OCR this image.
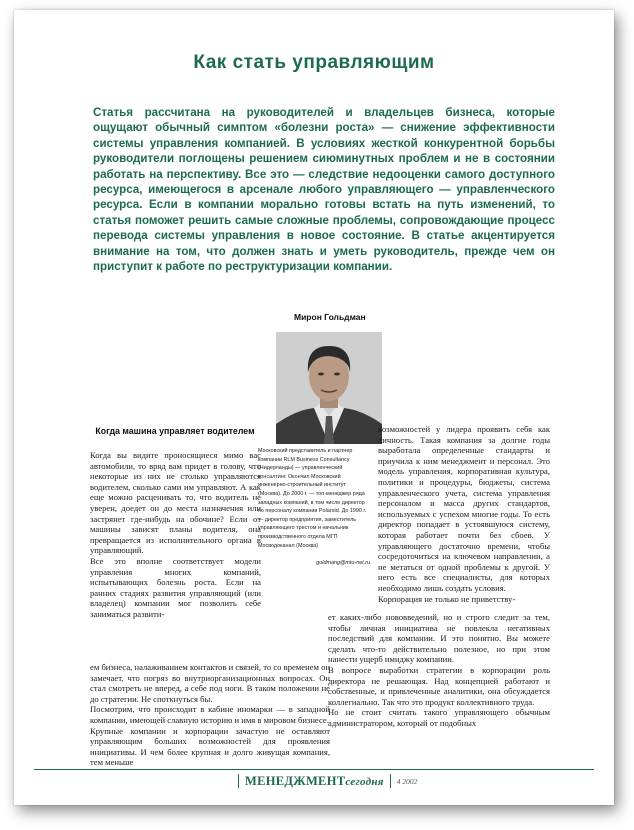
Как стать управляющим
Статья рассчитана на руководителей и владельцев бизнеса, которые ощущают обычный симптом «болезни роста» — снижение эффективности системы управления компанией. В условиях жесткой конкурентной борьбы руководители поглощены решением сиюминутных проблем и не в состоянии работать на перспективу. Все это — следствие недооценки самого доступного ресурса, имеющегося в арсенале любого управляющего — управленческого ресурса. Если в компании морально готовы встать на путь изменений, то статья поможет решить самые сложные проблемы, сопровождающие процесс перевода системы управления в новое состояние. В статье акцентируется внимание на том, что должен знать и уметь руководитель, прежде чем он приступит к работе по реструктуризации компании.
Мирон Гольдман
Московский представитель и партнер компании RLM Business Consultancy (Нидерланды) — управленческий консалтинг. Окончил Московский инженерно-строительный институт (Москва). До 2000 г. — топ-менеджер ряда западных компаний, в том числе директор по персоналу компании Polaroid. До 1990 г. — директор предприятия, заместитель управляющего трестом и начальник производственного отдела МГП Мосводоканал (Москва)
goldmang@mtu-net.ru
Когда машина управляет водителем

Когда вы видите проносящиеся мимо вас автомобили, то вряд вам придет в голову, что некоторые из них не столько управляются водителем, сколько сами им управляют. А как еще можно расценивать то, что водитель не уверен, доедет он до места назначения или застрянет где-нибудь на обочине? Если от машины зависят планы водителя, она превращается из исполнительного органа в управляющий.

Все это вполне соответствует модели управления многих компаний, испытывающих болезнь роста. Если на ранних стадиях развития управляющий (или владелец) компании мог позволить себе заниматься развити-

ем бизнеса, налаживанием контактов и связей, то со временем он замечает, что погряз во внутриорганизационных вопросах. Он стал смотреть не вперед, а себе под ноги. В таком положении не до стратегии. Не споткнуться бы.

Посмотрим, что происходит в кабине иномарки — в западной компании, имеющей славную историю и имя в мировом бизнесе.

Крупные компании и корпорации зачастую не оставляют управляющим больших возможностей для проявления инициативы. И чем более крупная и долго живущая компания, тем меньше

возможностей у лидера проявить себя как личность. Такая компания за долгие годы выработала определенные стандарты и приучила к ним менеджмент и персонал. Это модель управления, корпоративная культура, политики и процедуры, бюджеты, система управленческого учета, система управления персоналом и масса других стандартов, используемых с успехом многие годы. То есть директор попадает в устоявшуюся систему, которая работает почти без сбоев. У управляющего достаточно времени, чтобы сосредоточиться на ключевом направлении, а не метаться от одной проблемы к другой. У него есть все специалисты, для которых необходимо лишь создать условия.

Корпорация не только не приветству-

ет каких-либо нововведений, но и строго следит за тем, чтобы личная инициатива не повлекла негативных последствий для компании. И это понятно. Вы можете сделать что-то действительно полезное, но при этом нанести ущерб имиджу компании.

В вопросе выработки стратегии в корпорации роль директора не решающая. Над концепцией работают и собственные, и привлеченные аналитики, она обсуждается коллегиально. Так что это продукт коллективного труда.

Но не стоит считать такого управляющего обычным администратором, который от подобных

МЕНЕДЖМЕНТсегодня 4 2002
